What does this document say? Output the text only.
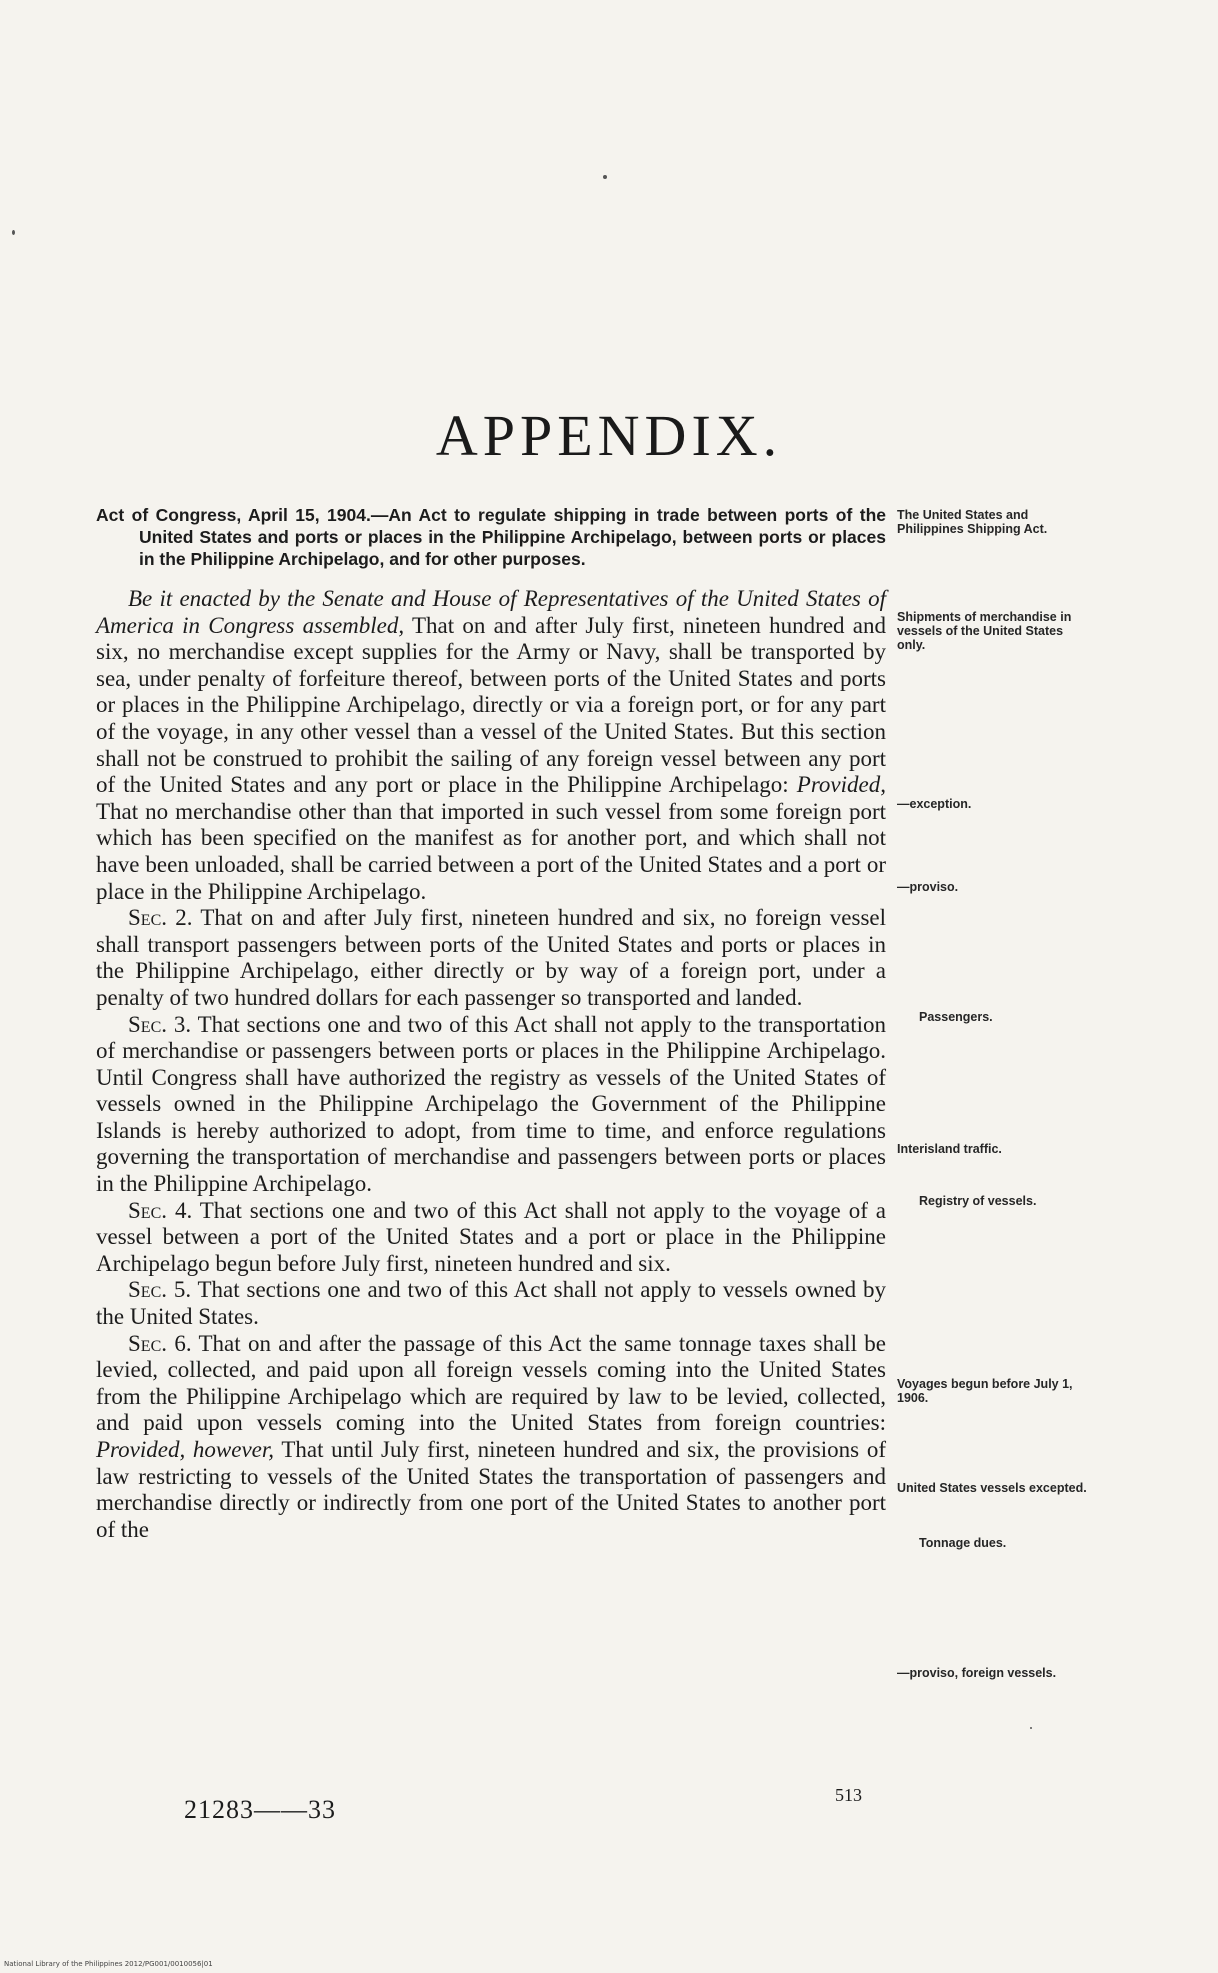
APPENDIX.

Act of Congress, April 15, 1904.—An Act to regulate shipping in trade between ports of the United States and ports or places in the Philippine Archipelago, between ports or places in the Philippine Archipelago, and for other purposes.

Be it enacted by the Senate and House of Representatives of the United States of America in Congress assembled, That on and after July first, nineteen hundred and six, no merchandise except supplies for the Army or Navy, shall be transported by sea, under penalty of forfeiture thereof, between ports of the United States and ports or places in the Philippine Archipelago, directly or via a foreign port, or for any part of the voyage, in any other vessel than a vessel of the United States. But this section shall not be construed to prohibit the sailing of any foreign vessel between any port of the United States and any port or place in the Philippine Archipelago: Provided, That no merchandise other than that imported in such vessel from some foreign port which has been specified on the manifest as for another port, and which shall not have been unloaded, shall be carried between a port of the United States and a port or place in the Philippine Archipelago.

Sec. 2. That on and after July first, nineteen hundred and six, no foreign vessel shall transport passengers between ports of the United States and ports or places in the Philippine Archipelago, either directly or by way of a foreign port, under a penalty of two hundred dollars for each passenger so transported and landed.

Sec. 3. That sections one and two of this Act shall not apply to the transportation of merchandise or passengers between ports or places in the Philippine Archipelago. Until Congress shall have authorized the registry as vessels of the United States of vessels owned in the Philippine Archipelago the Government of the Philippine Islands is hereby authorized to adopt, from time to time, and enforce regulations governing the transportation of merchandise and passengers between ports or places in the Philippine Archipelago.

Sec. 4. That sections one and two of this Act shall not apply to the voyage of a vessel between a port of the United States and a port or place in the Philippine Archipelago begun before July first, nineteen hundred and six.

Sec. 5. That sections one and two of this Act shall not apply to vessels owned by the United States.

Sec. 6. That on and after the passage of this Act the same tonnage taxes shall be levied, collected, and paid upon all foreign vessels coming into the United States from the Philippine Archipelago which are required by law to be levied, collected, and paid upon vessels coming into the United States from foreign countries: Provided, however, That until July first, nineteen hundred and six, the provisions of law restricting to vessels of the United States the transportation of passengers and merchandise directly or indirectly from one port of the United States to another port of the

The United States and Philippines Shipping Act.
Shipments of merchandise in vessels of the United States only.
—exception.
—proviso.
Passengers.
Interisland traffic.
Registry of vessels.
Voyages begun before July 1, 1906.
United States vessels excepted.
Tonnage dues.
—proviso, foreign vessels.
513
21283——33
National Library of the Philippines 2012/PG001/0010056|01
